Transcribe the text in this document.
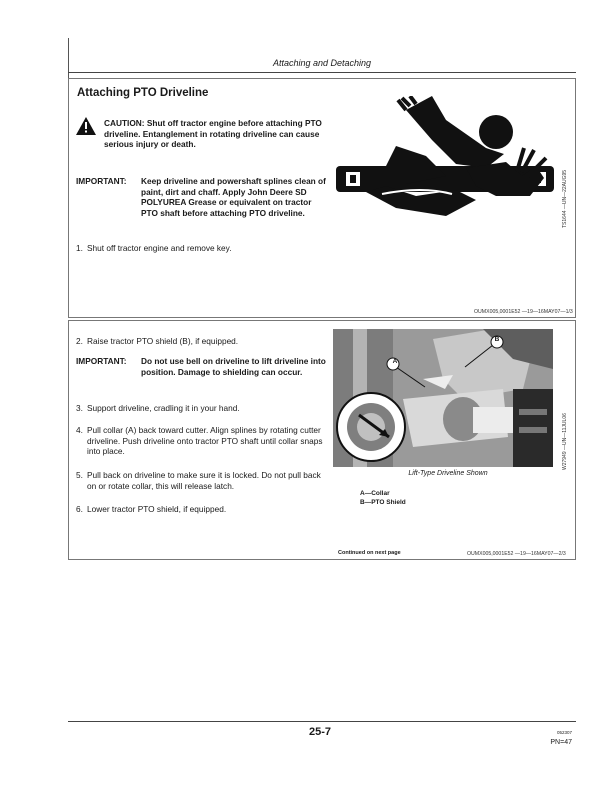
Attaching and Detaching
Attaching PTO Driveline
CAUTION: Shut off tractor engine before attaching PTO driveline. Entanglement in rotating driveline can cause serious injury or death.
IMPORTANT: Keep driveline and powershaft splines clean of paint, dirt and chaff. Apply John Deere SD POLYUREA Grease or equivalent on tractor PTO shaft before attaching PTO driveline.
1. Shut off tractor engine and remove key.
TS1644 —UN—22AUG95
OUMX005,0001E52 —19—16MAY07—1/3
2. Raise tractor PTO shield (B), if equipped.
IMPORTANT: Do not use bell on driveline to lift driveline into position. Damage to shielding can occur.
3. Support driveline, cradling it in your hand.
4. Pull collar (A) back toward cutter. Align splines by rotating cutter driveline. Push driveline onto tractor PTO shaft until collar snaps into place.
5. Pull back on driveline to make sure it is locked. Do not pull back on or rotate collar, this will release latch.
6. Lower tractor PTO shield, if equipped.
A
B
W27949 —UN—11JUL06
Lift-Type Driveline Shown
A—Collar
B—PTO Shield
Continued on next page	OUMX005,0001E52 —19—16MAY07—2/3
25-7	052307
PN=47
